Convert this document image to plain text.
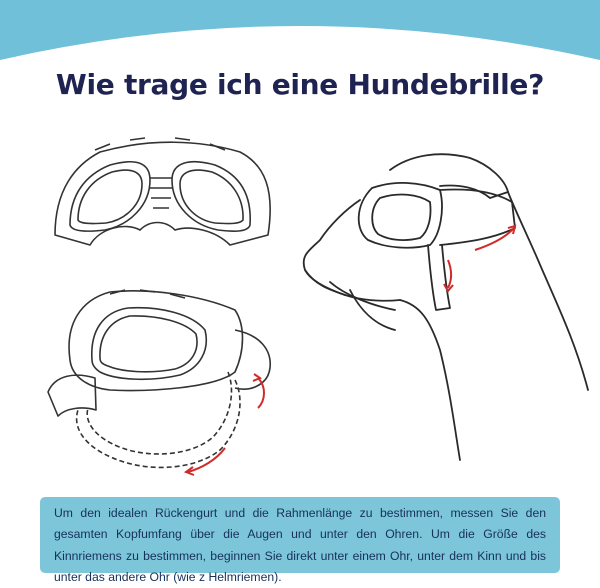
Wie trage ich eine Hundebrille?

Um den idealen Rückengurt und die Rahmenlänge zu bestimmen, messen Sie den gesamten Kopfumfang über die Augen und unter den Ohren. Um die Größe des Kinnriemens zu bestimmen, beginnen Sie direkt unter einem Ohr, unter dem Kinn und bis unter das andere Ohr (wie z Helmriemen).
